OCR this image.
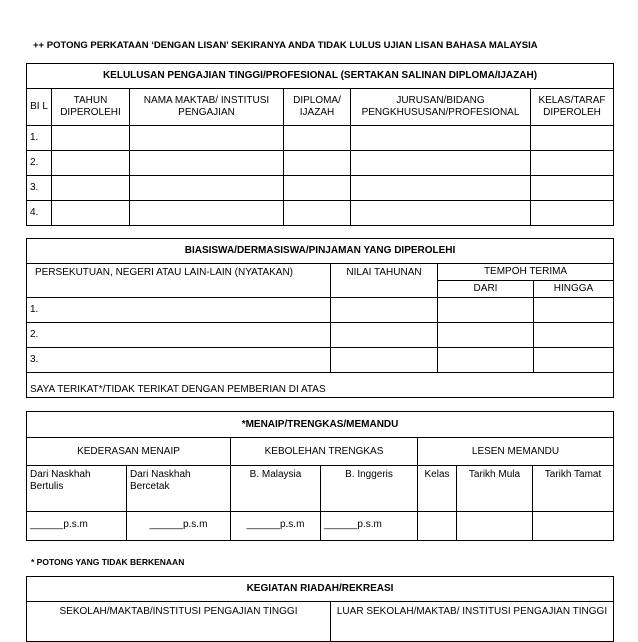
++ POTONG PERKATAAN ‘DENGAN LISAN’ SEKIRANYA ANDA TIDAK LULUS UJIAN LISAN BAHASA MALAYSIA
KELULUSAN PENGAJIAN TINGGI/PROFESIONAL (SERTAKAN SALINAN DIPLOMA/IJAZAH)					
BI L	TAHUN DIPEROLEHI	NAMA MAKTAB/ INSTITUSI PENGAJIAN	DIPLOMA/ IJAZAH	JURUSAN/BIDANG PENGKHUSUSAN/PROFESIONAL	KELAS/TARAF DIPEROLEH
1.					
2.					
3.					
4.					
BIASISWA/DERMASISWA/PINJAMAN YANG DIPEROLEHI			
PERSEKUTUAN, NEGERI ATAU LAIN-LAIN (NYATAKAN)	NILAI TAHUNAN	TEMPOH TERIMA	
		DARI	HINGGA
1.			
2.			
3.			
SAYA TERIKAT*/TIDAK TERIKAT DENGAN PEMBERIAN DI ATAS			
*MENAIP/TRENGKAS/MEMANDU						
KEDERASAN MENAIP		KEBOLEHAN TRENGKAS		LESEN MEMANDU		
Dari Naskhah Bertulis	Dari Naskhah Bercetak	B. Malaysia	B. Inggeris	Kelas	Tarikh Mula	Tarikh Tamat
______p.s.m	______p.s.m	______p.s.m	______p.s.m			
* POTONG YANG TIDAK BERKENAAN
KEGIATAN RIADAH/REKREASI
SEKOLAH/MAKTAB/INSTITUSI PENGAJIAN TINGGI	LUAR SEKOLAH/MAKTAB/ INSTITUSI PENGAJIAN TINGGI
